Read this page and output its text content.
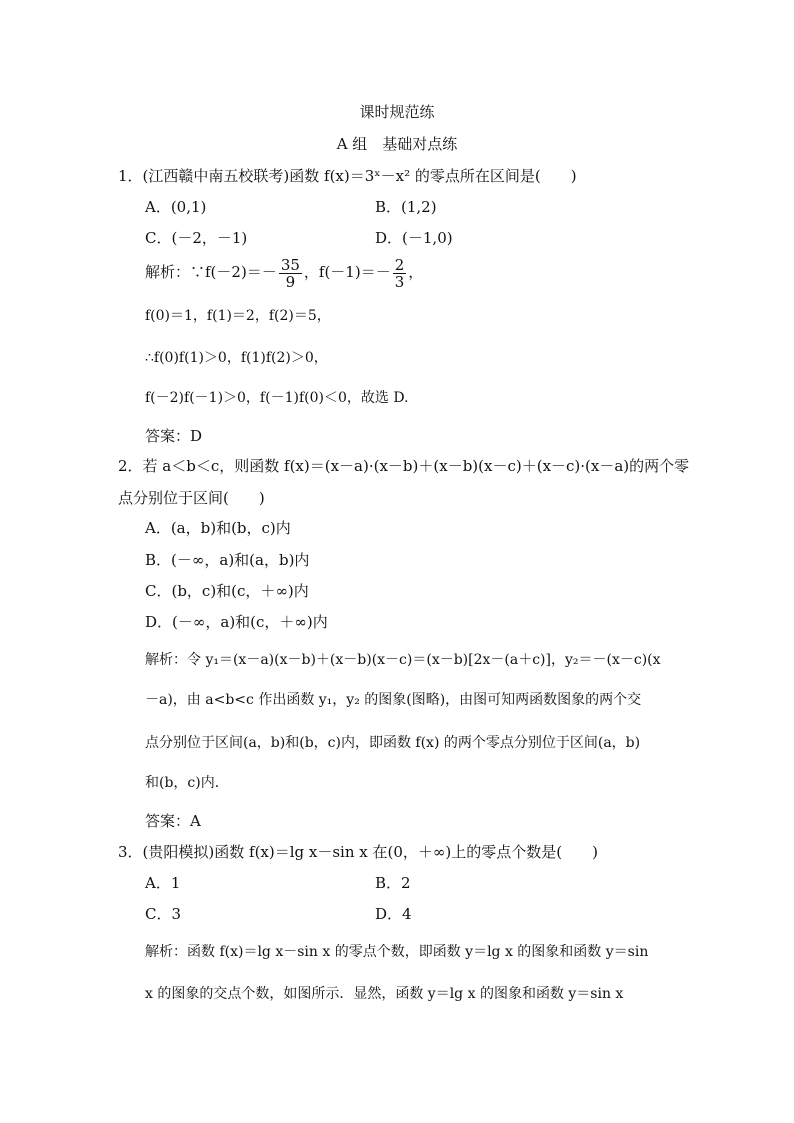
课时规范练
A 组　基础对点练
1．(江西赣中南五校联考)函数 f(x)＝3ˣ－x² 的零点所在区间是(　　)
A．(0,1)	B．(1,2)
C．(－2，－1)	D．(－1,0)
解析：∵f(－2)＝－ $\frac{35}{9}$ ，$f(-1)=- \frac{2}{3}$ ，
f(0)＝1，f(1)＝2，f(2)＝5，
∴f(0)f(1)＞0，f(1)f(2)＞0，
f(－2)f(－1)＞0，f(－1)f(0)＜0，故选 D.
答案：D
2．若 a＜b＜c，则函数 f(x)＝(x－a)·(x－b)＋(x－b)(x－c)＋(x－c)·(x－a)的两个零
点分别位于区间(　　)
A．(a，b)和(b，c)内
B．(－∞，a)和(a，b)内
C．(b，c)和(c，＋∞)内
D．(－∞，a)和(c，＋∞)内
解析：令 y₁＝(x－a)(x－b)＋(x－b)(x－c)＝(x－b)[2x－(a＋c)]，y₂＝－(x－c)(x
－a)，由 a<b<c 作出函数 y₁，y₂ 的图象(图略)，由图可知两函数图象的两个交
点分别位于区间(a，b)和(b，c)内，即函数 f(x) 的两个零点分别位于区间(a，b)
和(b，c)内．
答案：A
3．(贵阳模拟)函数 f(x)＝lg x－sin x 在(0，＋∞)上的零点个数是(　　)
A．1	B．2
C．3	D．4
解析：函数 f(x)＝lg x－sin x 的零点个数，即函数 y＝lg x 的图象和函数 y＝sin
x 的图象的交点个数，如图所示．显然，函数 y＝lg x 的图象和函数 y＝sin x
